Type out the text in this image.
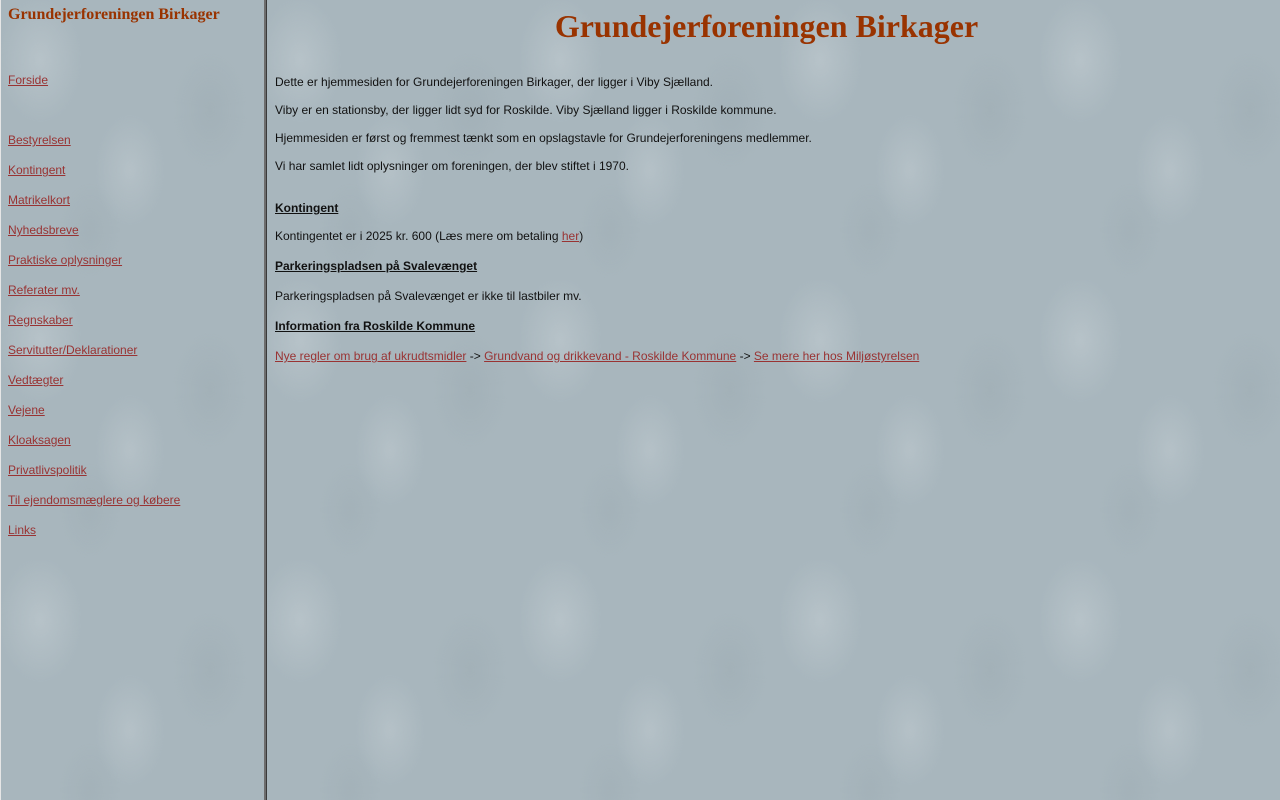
Grundejerforeningen Birkager
Forside
Bestyrelsen
Kontingent
Matrikelkort
Nyhedsbreve
Praktiske oplysninger
Referater mv.
Regnskaber
Servitutter/Deklarationer
Vedtægter
Vejene
Kloaksagen
Privatlivspolitik
Til ejendomsmæglere og købere
Links
Grundejerforeningen Birkager
Dette er hjemmesiden for Grundejerforeningen Birkager, der ligger i Viby Sjælland.
Viby er en stationsby, der ligger lidt syd for Roskilde. Viby Sjælland ligger i Roskilde kommune.
Hjemmesiden er først og fremmest tænkt som en opslagstavle for Grundejerforeningens medlemmer.
Vi har samlet lidt oplysninger om foreningen, der blev stiftet i 1970.
Kontingent
Kontingentet er i 2025 kr. 600 (Læs mere om betaling her)
Parkeringspladsen på Svalevænget
Parkeringspladsen på Svalevænget er ikke til lastbiler mv.
Information fra Roskilde Kommune
Nye regler om brug af ukrudtsmidler -> Grundvand og drikkevand - Roskilde Kommune -> Se mere her hos Miljøstyrelsen
